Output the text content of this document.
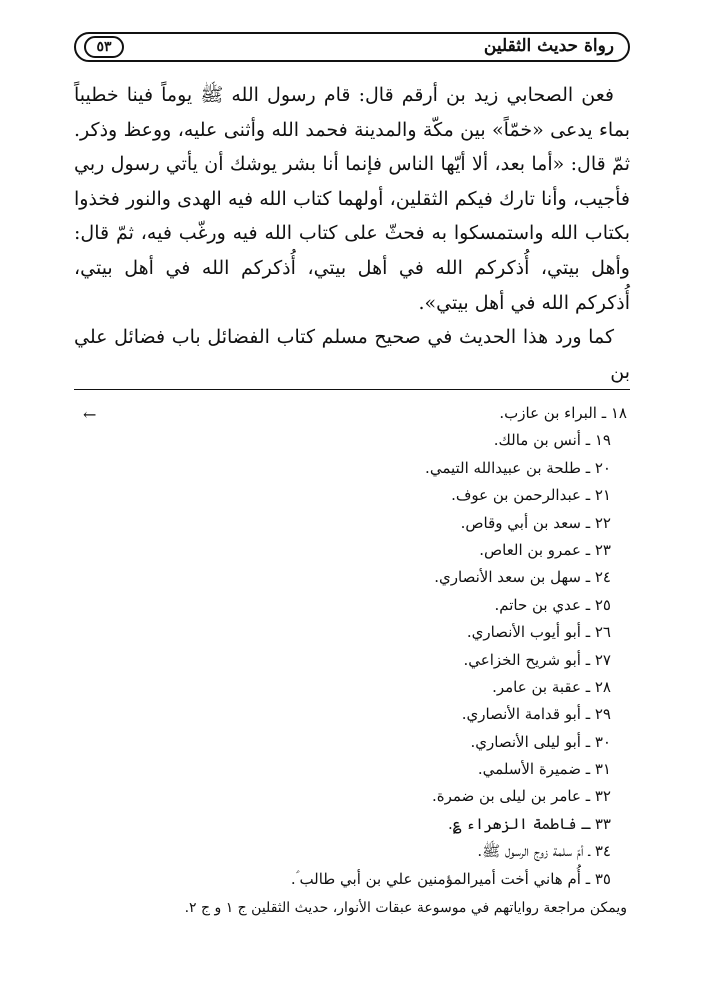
رواة حديث الثقلين
٥٣

فعن الصحابي زيد بن أرقم قال: قام رسول الله ﷺ يوماً فينا خطيباً بماء يدعى «خمّاً» بين مكّة والمدينة فحمد الله وأثنى عليه، ووعظ وذكر. ثمّ قال: «أما بعد، ألا أيّها الناس فإنما أنا بشر يوشك أن يأتي رسول ربي فأجيب، وأنا تارك فيكم الثقلين، أولهما كتاب الله فيه الهدى والنور فخذوا بكتاب الله واستمسكوا به فحثّ على كتاب الله فيه ورغّب فيه، ثمّ قال: وأهل بيتي، أُذكركم الله في أهل بيتي، أُذكركم الله في أهل بيتي، أُذكركم الله في أهل بيتي».

كما ورد هذا الحديث في صحيح مسلم كتاب الفضائل باب فضائل علي بن

←	١٨ ـ البراء بن عازب.
١٩ ـ أنس بن مالك.
٢٠ ـ طلحة بن عبيدالله التيمي.
٢١ ـ عبدالرحمن بن عوف.
٢٢ ـ سعد بن أبي وقاص.
٢٣ ـ عمرو بن العاص.
٢٤ ـ سهل بن سعد الأنصاري.
٢٥ ـ عدي بن حاتم.
٢٦ ـ أبو أيوب الأنصاري.
٢٧ ـ أبو شريح الخزاعي.
٢٨ ـ عقبة بن عامر.
٢٩ ـ أبو قدامة الأنصاري.
٣٠ ـ أبو ليلى الأنصاري.
٣١ ـ ضميرة الأسلمي.
٣٢ ـ عامر بن ليلى بن ضمرة.
٣٣ ـ فاطمة الزهراء ؏.
٣٤ ـ أمّ سلمة زوج الرسول ﷺ.
٣٥ ـ أُم هاني أخت أميرالمؤمنين علي بن أبي طالب ؑ.
ويمكن مراجعة رواياتهم في موسوعة عبقات الأنوار، حديث الثقلين ج ١ و ج ٢.
